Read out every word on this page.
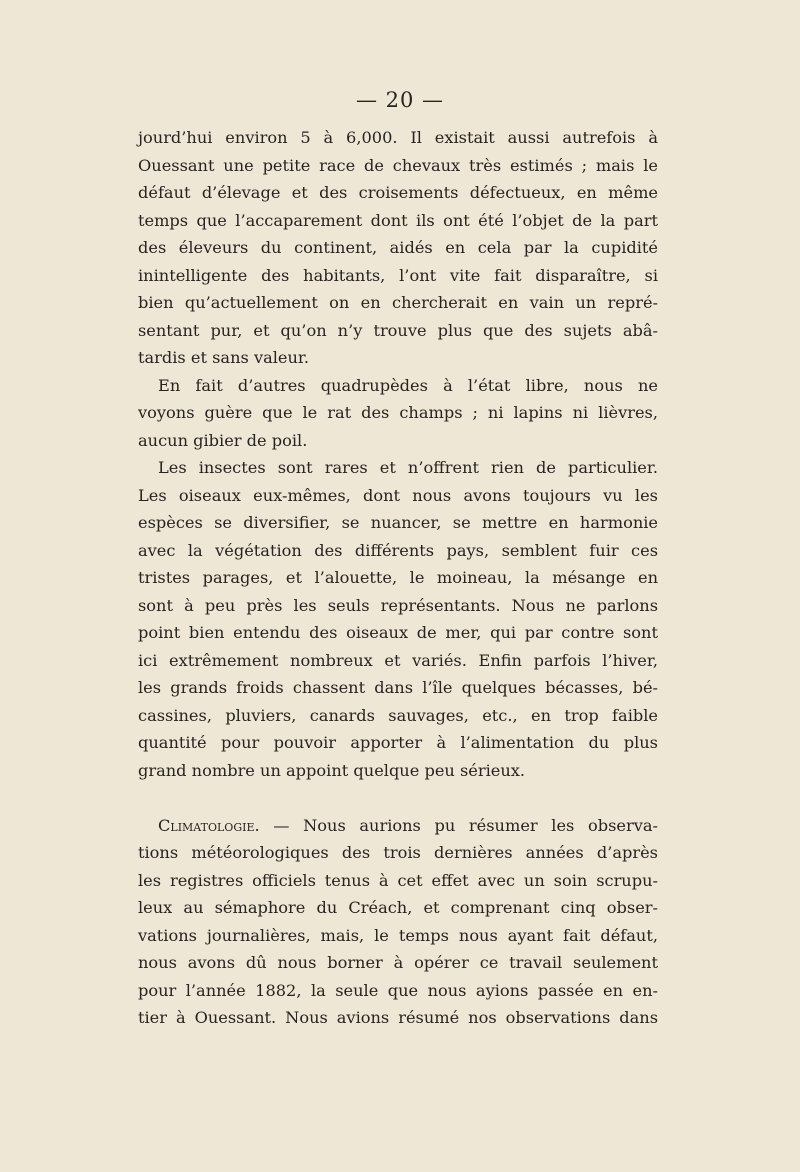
— 20 —
jourd’hui environ 5 à 6,000. Il existait aussi autrefois à
Ouessant une petite race de chevaux très estimés ; mais le
défaut d’élevage et des croisements défectueux, en même
temps que l’accaparement dont ils ont été l’objet de la part
des éleveurs du continent, aidés en cela par la cupidité
inintelligente des habitants, l’ont vite fait disparaître, si
bien qu’actuellement on en chercherait en vain un repré-
sentant pur, et qu’on n’y trouve plus que des sujets abâ-
tardis et sans valeur.
En fait d’autres quadrupèdes à l’état libre, nous ne
voyons guère que le rat des champs ; ni lapins ni lièvres,
aucun gibier de poil.
Les insectes sont rares et n’offrent rien de particulier.
Les oiseaux eux-mêmes, dont nous avons toujours vu les
espèces se diversifier, se nuancer, se mettre en harmonie
avec la végétation des différents pays, semblent fuir ces
tristes parages, et l’alouette, le moineau, la mésange en
sont à peu près les seuls représentants. Nous ne parlons
point bien entendu des oiseaux de mer, qui par contre sont
ici extrêmement nombreux et variés. Enfin parfois l’hiver,
les grands froids chassent dans l’île quelques bécasses, bé-
cassines, pluviers, canards sauvages, etc., en trop faible
quantité pour pouvoir apporter à l’alimentation du plus
grand nombre un appoint quelque peu sérieux.
Climatologie. — Nous aurions pu résumer les observa-
tions météorologiques des trois dernières années d’après
les registres officiels tenus à cet effet avec un soin scrupu-
leux au sémaphore du Créach, et comprenant cinq obser-
vations journalières, mais, le temps nous ayant fait défaut,
nous avons dû nous borner à opérer ce travail seulement
pour l’année 1882, la seule que nous ayions passée en en-
tier à Ouessant. Nous avions résumé nos observations dans
